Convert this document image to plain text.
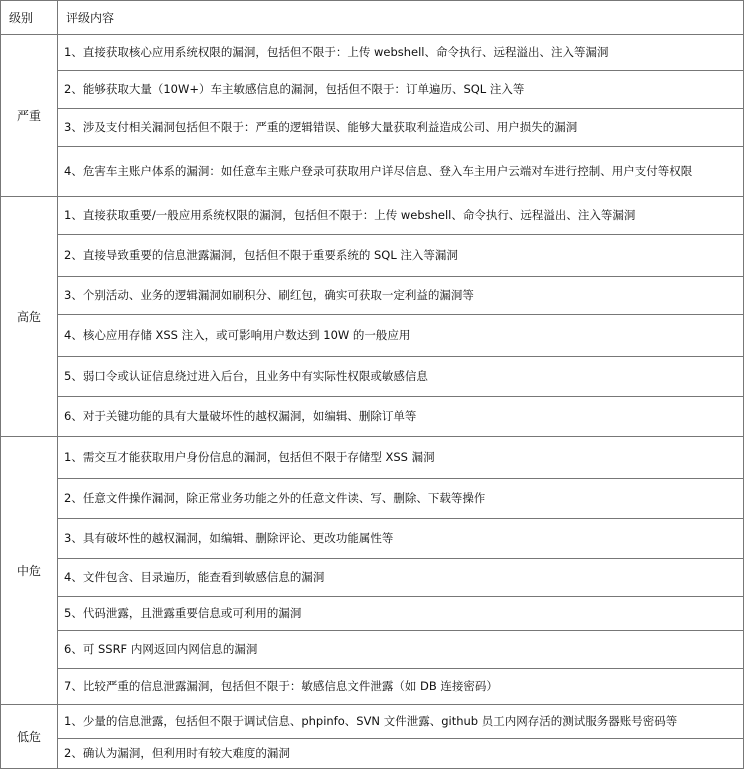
级别	评级内容
严重	1、直接获取核心应用系统权限的漏洞，包括但不限于：上传 webshell、命令执行、远程溢出、注入等漏洞
	2、能够获取大量（10W+）车主敏感信息的漏洞，包括但不限于：订单遍历、SQL 注入等
	3、涉及支付相关漏洞包括但不限于：严重的逻辑错误、能够大量获取利益造成公司、用户损失的漏洞
	4、危害车主账户体系的漏洞：如任意车主账户登录可获取用户详尽信息、登入车主用户云端对车进行控制、用户支付等权限
高危	1、直接获取重要/一般应用系统权限的漏洞，包括但不限于：上传 webshell、命令执行、远程溢出、注入等漏洞
	2、直接导致重要的信息泄露漏洞，包括但不限于重要系统的 SQL 注入等漏洞
	3、个别活动、业务的逻辑漏洞如刷积分、刷红包，确实可获取一定利益的漏洞等
	4、核心应用存储 XSS 注入，或可影响用户数达到 10W 的一般应用
	5、弱口令或认证信息绕过进入后台，且业务中有实际性权限或敏感信息
	6、对于关键功能的具有大量破坏性的越权漏洞，如编辑、删除订单等
中危	1、需交互才能获取用户身份信息的漏洞，包括但不限于存储型 XSS 漏洞
	2、任意文件操作漏洞，除正常业务功能之外的任意文件读、写、删除、下载等操作
	3、具有破坏性的越权漏洞，如编辑、删除评论、更改功能属性等
	4、文件包含、目录遍历，能查看到敏感信息的漏洞
	5、代码泄露，且泄露重要信息或可利用的漏洞
	6、可 SSRF 内网返回内网信息的漏洞
	7、比较严重的信息泄露漏洞，包括但不限于：敏感信息文件泄露（如 DB 连接密码）
低危	1、少量的信息泄露，包括但不限于调试信息、phpinfo、SVN 文件泄露、github 员工内网存活的测试服务器账号密码等
	2、确认为漏洞，但利用时有较大难度的漏洞
